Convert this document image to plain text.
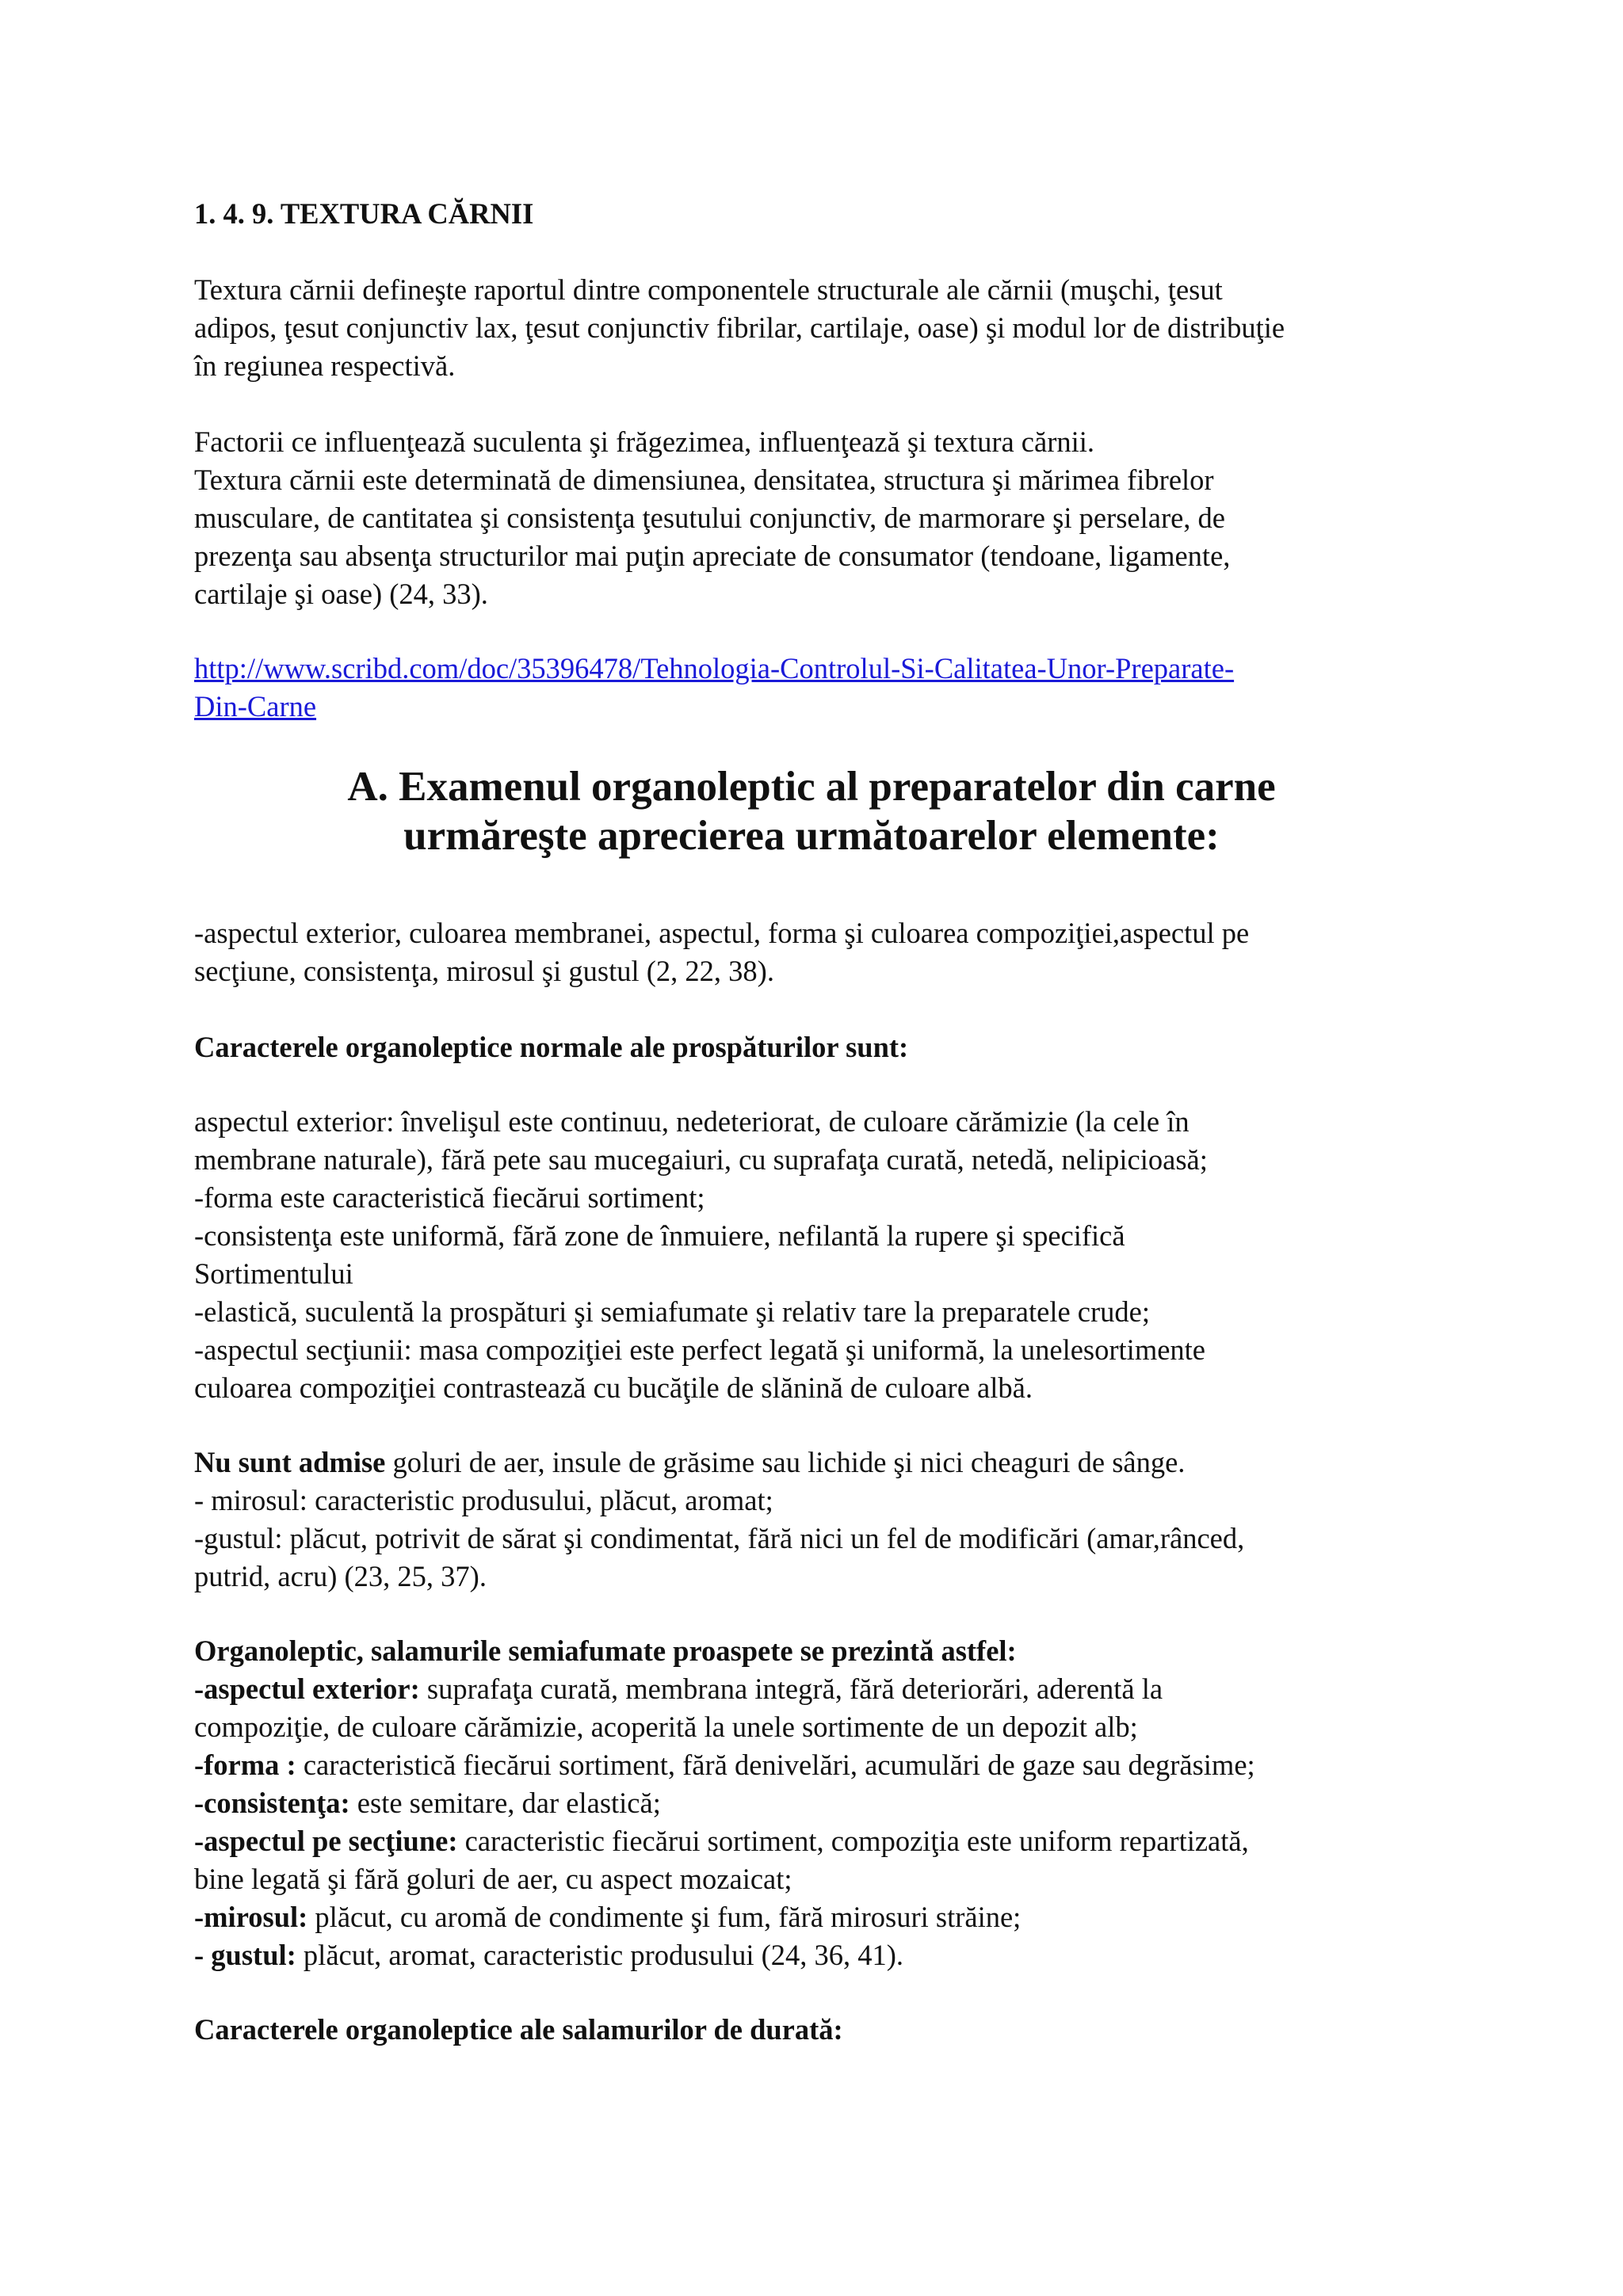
1. 4. 9. TEXTURA CĂRNII

Textura cărnii defineşte raportul dintre componentele structurale ale cărnii (muşchi, ţesut
adipos, ţesut conjunctiv lax, ţesut conjunctiv fibrilar, cartilaje, oase) şi modul lor de distribuţie
în regiunea respectivă.

Factorii ce influenţează suculenta şi frăgezimea, influenţează şi textura cărnii.
Textura cărnii este determinată de dimensiunea, densitatea, structura şi mărimea fibrelor
musculare, de cantitatea şi consistenţa ţesutului conjunctiv, de marmorare şi perselare, de
prezenţa sau absenţa structurilor mai puţin apreciate de consumator (tendoane, ligamente,
cartilaje şi oase) (24, 33).

http://www.scribd.com/doc/35396478/Tehnologia-Controlul-Si-Calitatea-Unor-Preparate-
Din-Carne

A. Examenul organoleptic al preparatelor din carne
urmăreşte aprecierea următoarelor elemente:

-aspectul exterior, culoarea membranei, aspectul, forma şi culoarea compoziţiei,aspectul pe
secţiune, consistenţa, mirosul şi gustul (2, 22, 38).

Caracterele organoleptice normale ale prospăturilor sunt:

aspectul exterior: învelişul este continuu, nedeteriorat, de culoare cărămizie (la cele în
membrane naturale), fără pete sau mucegaiuri, cu suprafaţa curată, netedă, nelipicioasă;
-forma este caracteristică fiecărui sortiment;
-consistenţa este uniformă, fără zone de înmuiere, nefilantă la rupere şi specifică
Sortimentului
-elastică, suculentă la prospături şi semiafumate şi relativ tare la preparatele crude;
-aspectul secţiunii: masa compoziţiei este perfect legată şi uniformă, la unelesortimente
culoarea compoziţiei contrastează cu bucăţile de slănină de culoare albă.

Nu sunt admise goluri de aer, insule de grăsime sau lichide şi nici cheaguri de sânge.
- mirosul: caracteristic produsului, plăcut, aromat;
-gustul: plăcut, potrivit de sărat şi condimentat, fără nici un fel de modificări (amar,rânced,
putrid, acru) (23, 25, 37).

Organoleptic, salamurile semiafumate proaspete se prezintă astfel:

-aspectul exterior: suprafaţa curată, membrana integră, fără deteriorări, aderentă la
compoziţie, de culoare cărămizie, acoperită la unele sortimente de un depozit alb;
-forma : caracteristică fiecărui sortiment, fără denivelări, acumulări de gaze sau degrăsime;
-consistenţa: este semitare, dar elastică;
-aspectul pe secţiune: caracteristic fiecărui sortiment, compoziţia este uniform repartizată,
bine legată şi fără goluri de aer, cu aspect mozaicat;
-mirosul: plăcut, cu aromă de condimente şi fum, fără mirosuri străine;
- gustul: plăcut, aromat, caracteristic produsului (24, 36, 41).

Caracterele organoleptice ale salamurilor de durată:
